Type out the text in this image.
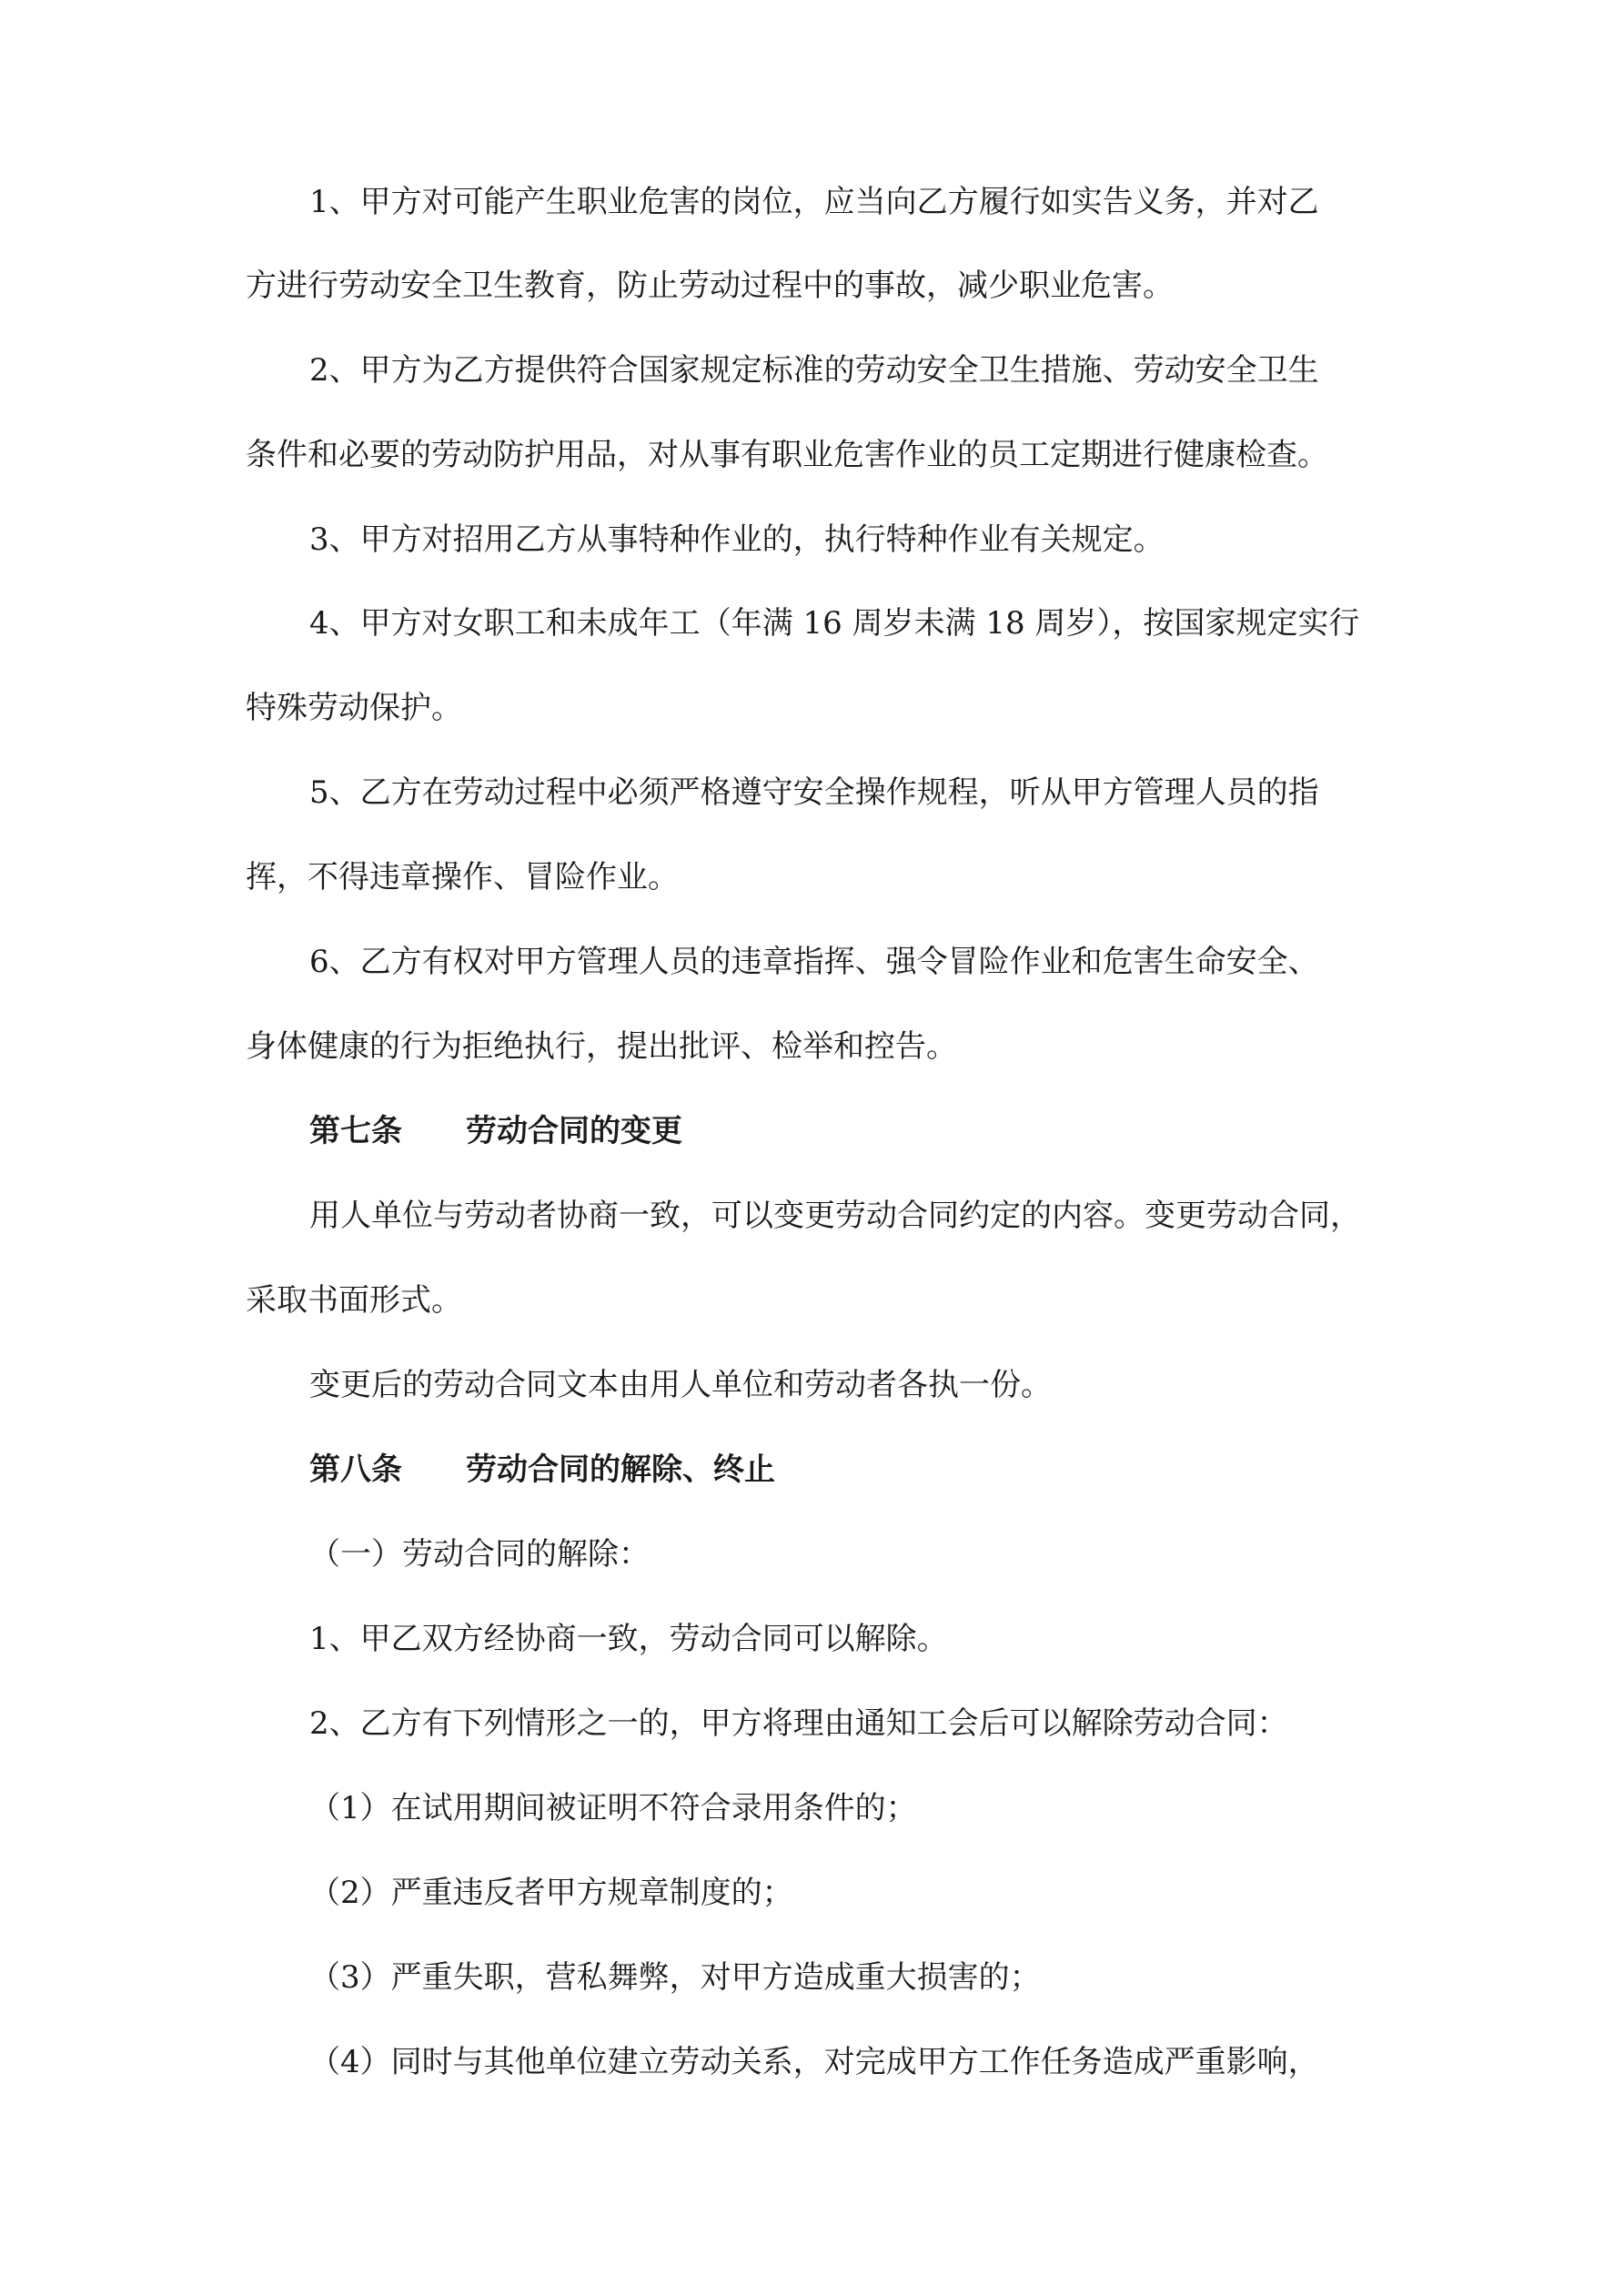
1、甲方对可能产生职业危害的岗位，应当向乙方履行如实告义务，并对乙
方进行劳动安全卫生教育，防止劳动过程中的事故，减少职业危害。
2、甲方为乙方提供符合国家规定标准的劳动安全卫生措施、劳动安全卫生
条件和必要的劳动防护用品，对从事有职业危害作业的员工定期进行健康检查。
3、甲方对招用乙方从事特种作业的，执行特种作业有关规定。
4、甲方对女职工和未成年工（年满 16 周岁未满 18 周岁），按国家规定实行
特殊劳动保护。
5、乙方在劳动过程中必须严格遵守安全操作规程，听从甲方管理人员的指
挥，不得违章操作、冒险作业。
6、乙方有权对甲方管理人员的违章指挥、强令冒险作业和危害生命安全、
身体健康的行为拒绝执行，提出批评、检举和控告。
第七条 劳动合同的变更
用人单位与劳动者协商一致，可以变更劳动合同约定的内容。变更劳动合同，
采取书面形式。
变更后的劳动合同文本由用人单位和劳动者各执一份。
第八条 劳动合同的解除、终止
（一）劳动合同的解除：
1、甲乙双方经协商一致，劳动合同可以解除。
2、乙方有下列情形之一的，甲方将理由通知工会后可以解除劳动合同：
（1）在试用期间被证明不符合录用条件的；
（2）严重违反者甲方规章制度的；
（3）严重失职，营私舞弊，对甲方造成重大损害的；
（4）同时与其他单位建立劳动关系，对完成甲方工作任务造成严重影响，
